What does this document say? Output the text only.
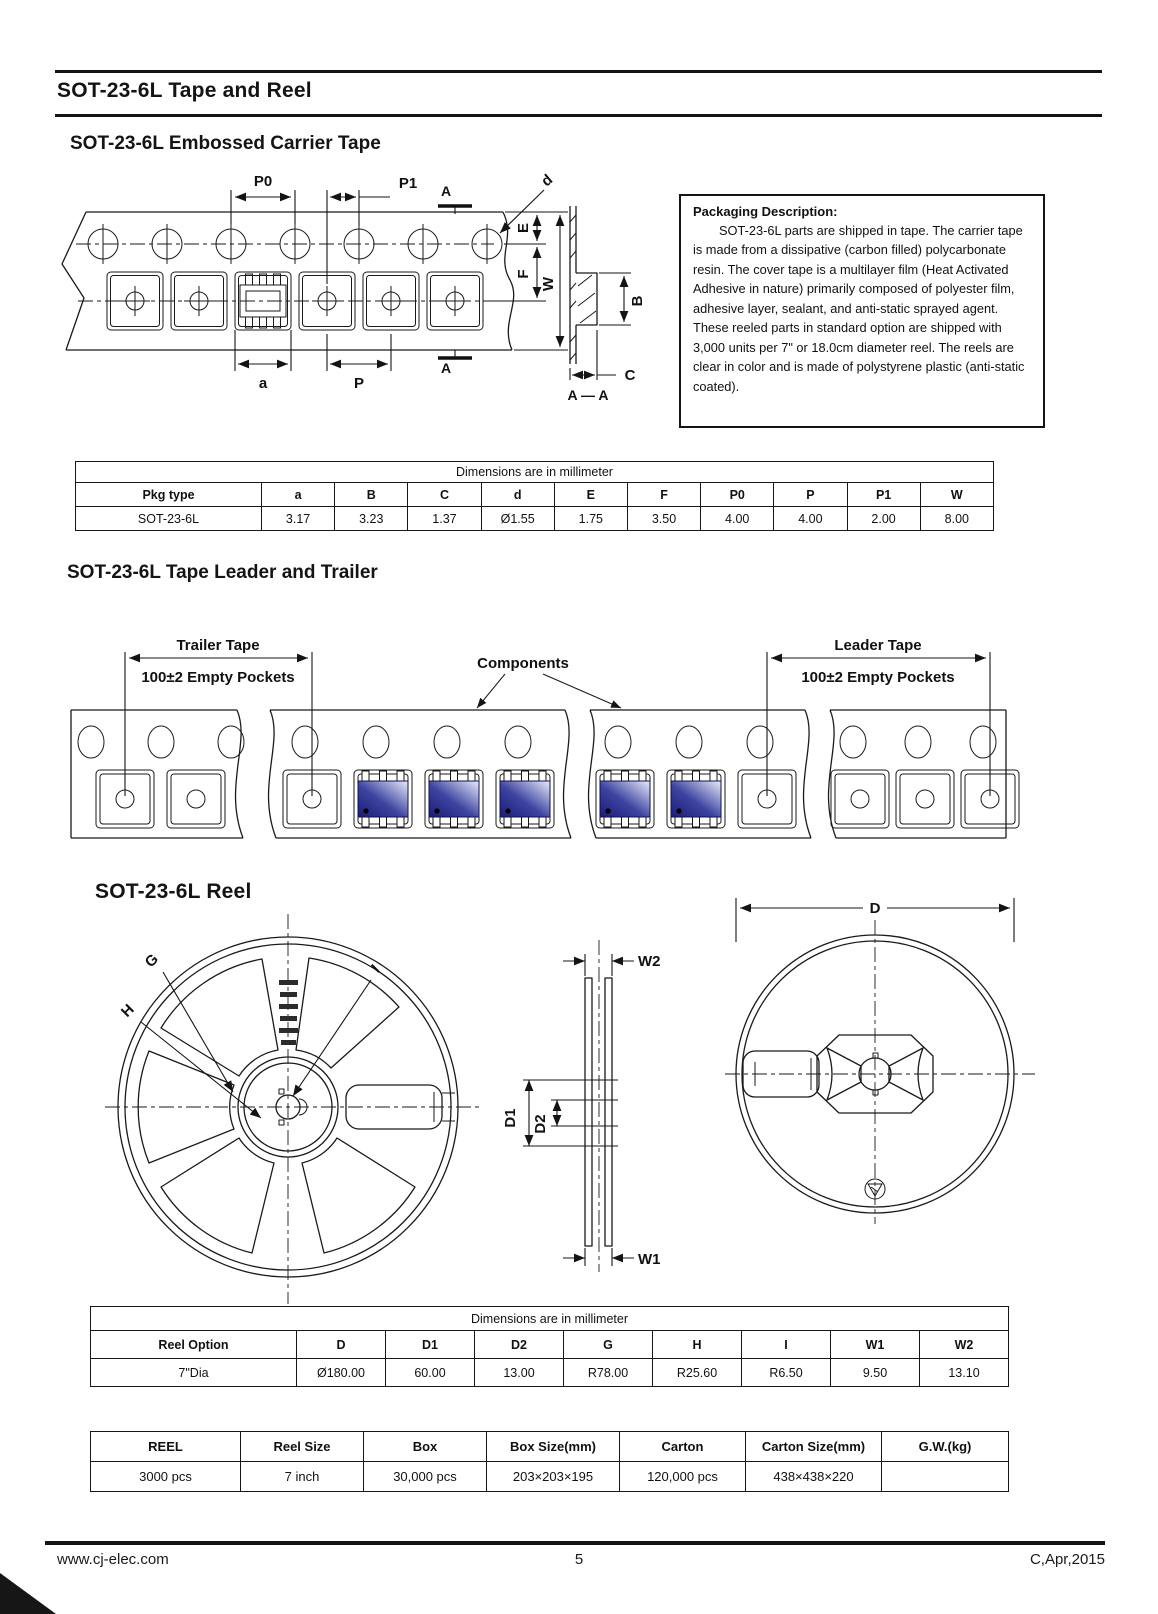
SOT-23-6L Tape and Reel
SOT-23-6L Embossed Carrier Tape
P0	P1 A
A
d
E
F
W
a	P
B
C
A — A

Packaging Description:

SOT-23-6L parts are shipped in tape. The carrier tape is made from a dissipative (carbon filled) polycarbonate resin. The cover tape is a multilayer film (Heat Activated Adhesive in nature) primarily composed of polyester film, adhesive layer, sealant, and anti-static sprayed agent. These reeled parts in standard option are shipped with 3,000 units per 7" or 18.0cm diameter reel. The reels are clear in color and is made of polystyrene plastic (anti-static coated).

Dimensions are in millimeter										
Pkg type	a	B	C	d	E	F	P0	P	P1	W
SOT-23-6L	3.17	3.23	1.37	Ø1.55	1.75	3.50	4.00	4.00	2.00	8.00
SOT-23-6L Tape Leader and Trailer
Trailer Tape
100±2 Empty Pockets
Components
Leader Tape
100±2 Empty Pockets
SOT-23-6L Reel
G
H
I	W2
W1
D1 D2
D
Dimensions are in millimeter								
Reel Option	D	D1	D2	G	H	I	W1	W2
7"Dia	Ø180.00	60.00	13.00	R78.00	R25.60	R6.50	9.50	13.10
REEL	Reel Size	Box	Box Size(mm)	Carton	Carton Size(mm)	G.W.(kg)
3000 pcs	7 inch	30,000 pcs	203×203×195	120,000 pcs	438×438×220	
www.cj-elec.com	5	C,Apr,2015
